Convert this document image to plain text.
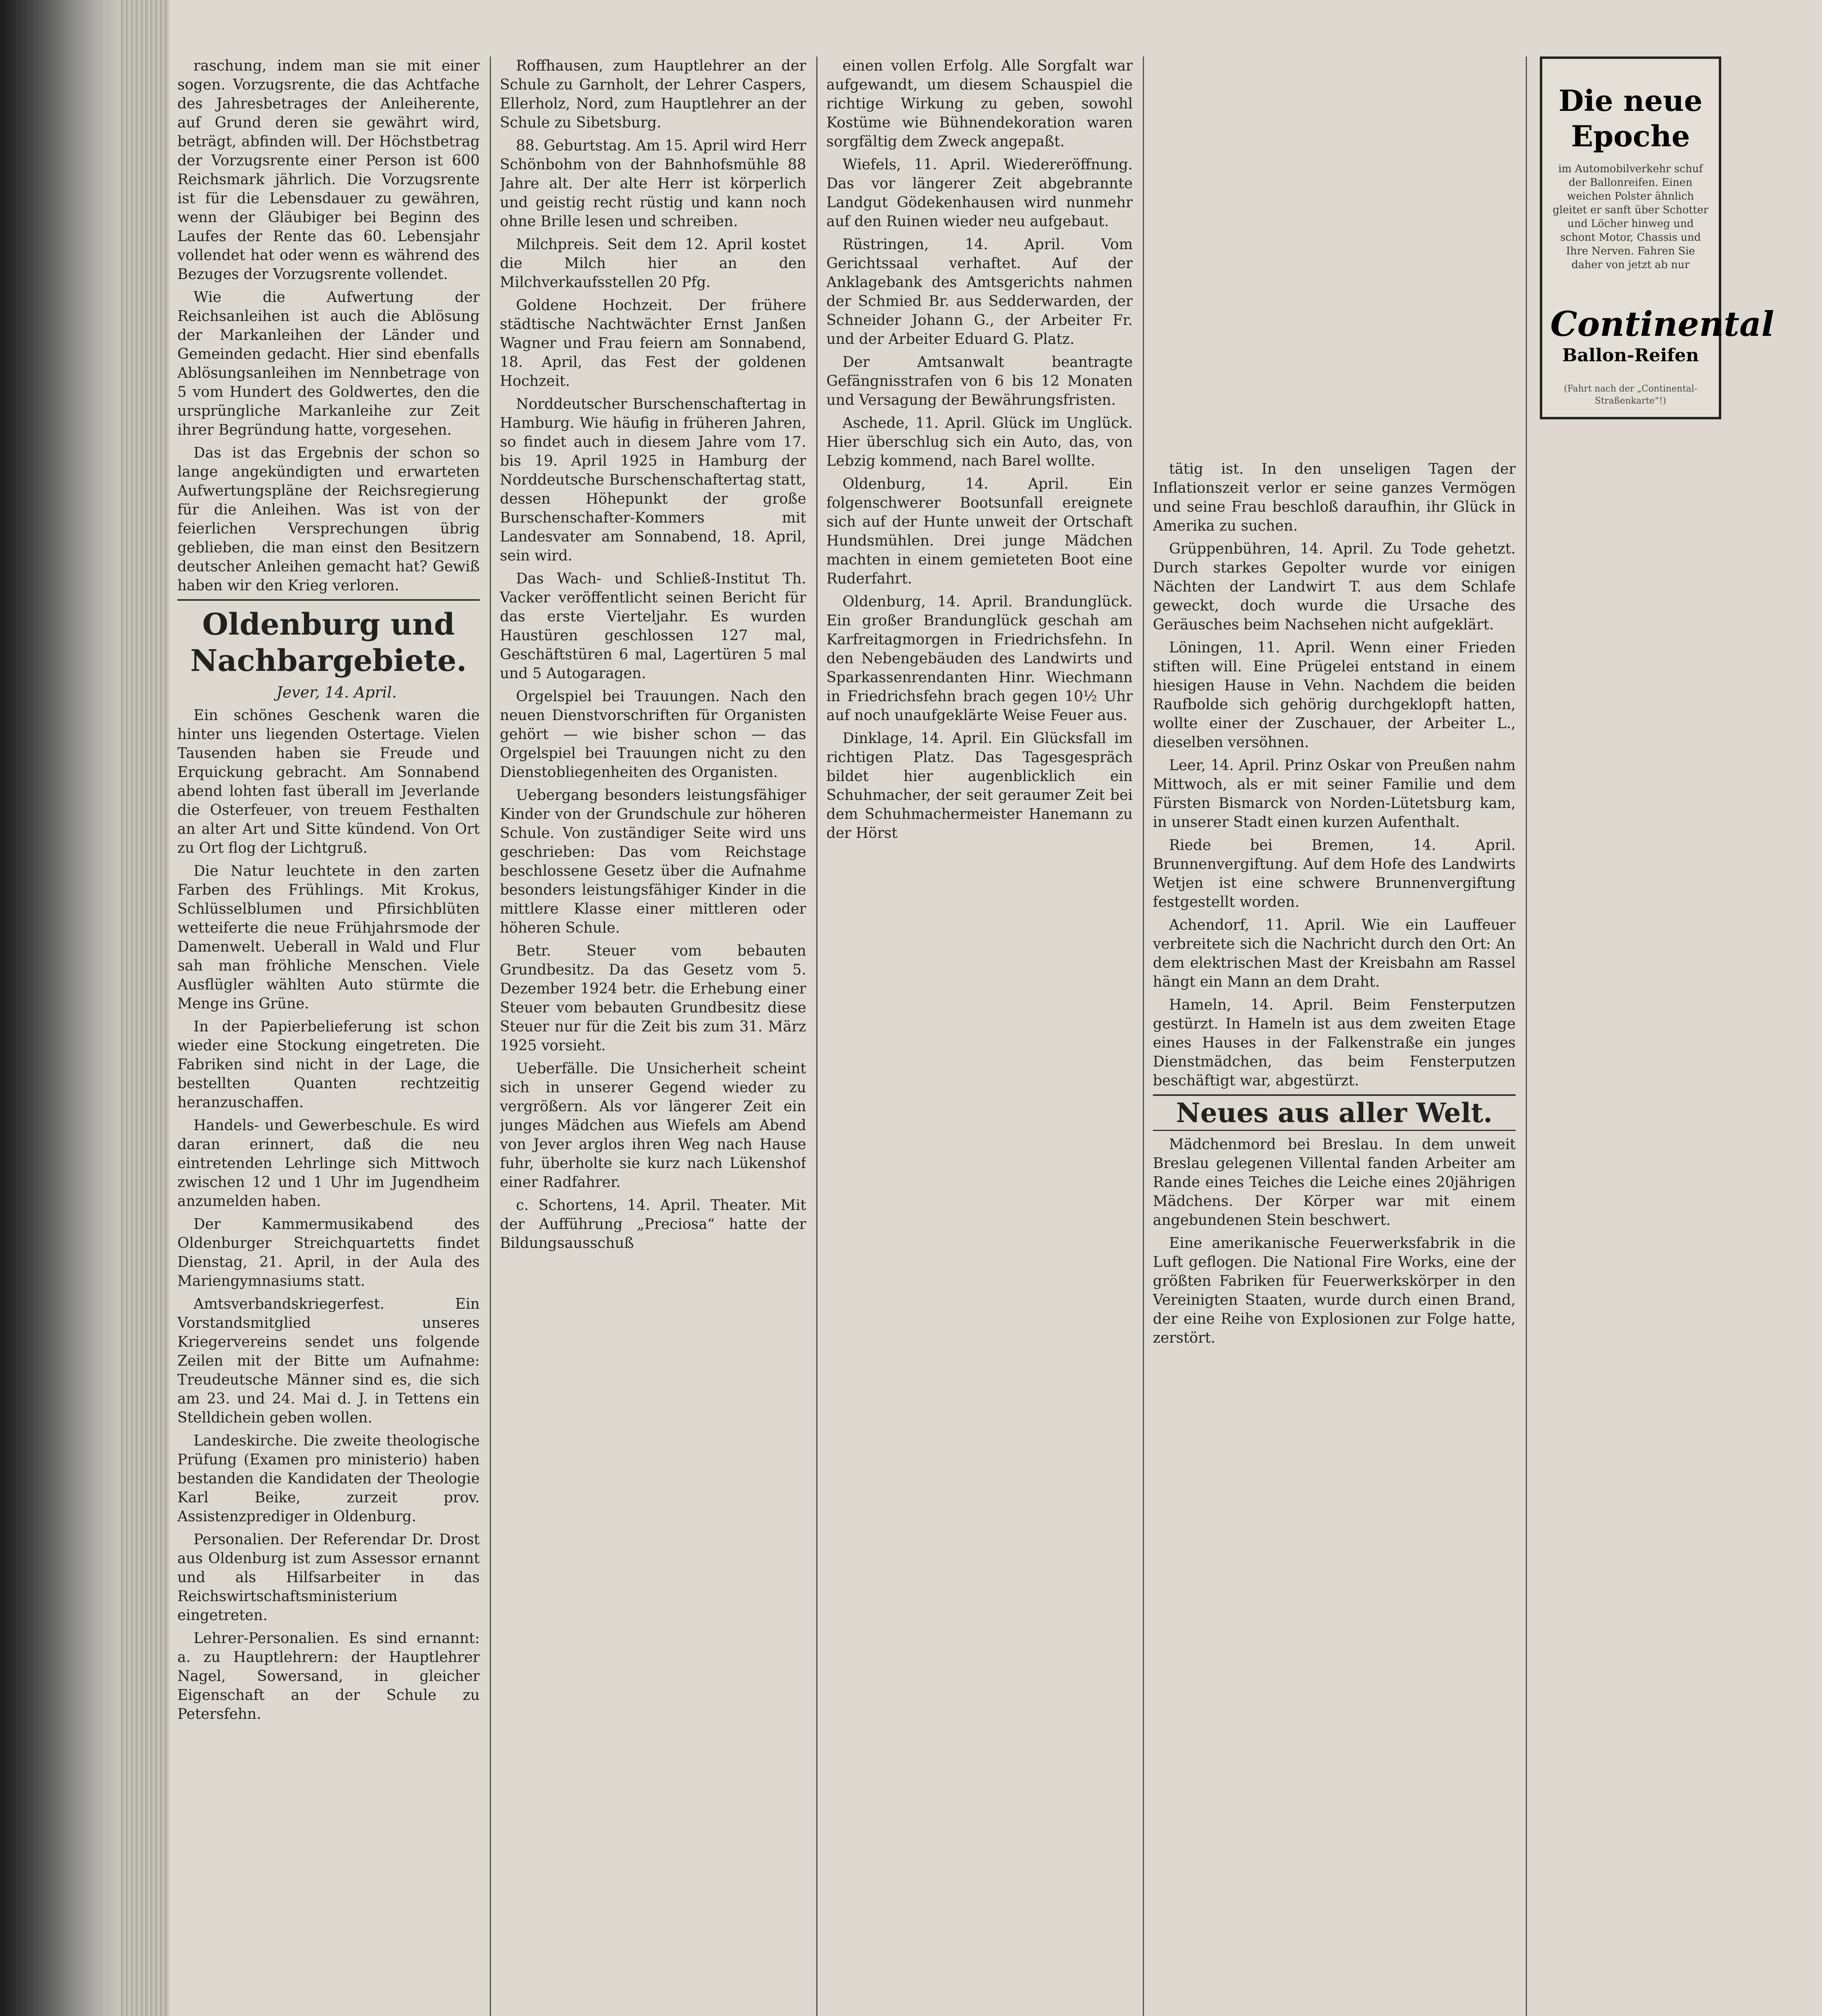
raschung, indem man sie mit einer sogen. Vorzugsrente, die das Achtfache des Jahresbetrages der Anleiherente, auf Grund deren sie gewährt wird, beträgt, abfinden will. Der Höchstbetrag der Vorzugsrente einer Person ist 600 Reichsmark jährlich. Die Vorzugsrente ist für die Lebensdauer zu gewähren, wenn der Gläubiger bei Beginn des Laufes der Rente das 60. Lebensjahr vollendet hat oder wenn es während des Bezuges der Vorzugsrente vollendet.

Wie die Aufwertung der Reichsanleihen ist auch die Ablösung der Markanleihen der Länder und Gemeinden gedacht. Hier sind ebenfalls Ablösungsanleihen im Nennbetrage von 5 vom Hundert des Goldwertes, den die ursprüngliche Markanleihe zur Zeit ihrer Begründung hatte, vorgesehen.

Das ist das Ergebnis der schon so lange angekündigten und erwarteten Aufwertungspläne der Reichsregierung für die Anleihen. Was ist von der feierlichen Versprechungen übrig geblieben, die man einst den Besitzern deutscher Anleihen gemacht hat? Gewiß haben wir den Krieg verloren.

Oldenburg und Nachbargebiete.

Jever, 14. April.

Ein schönes Geschenk waren die hinter uns liegenden Ostertage. Vielen Tausenden haben sie Freude und Erquickung gebracht. Am Sonnabend abend lohten fast überall im Jeverlande die Osterfeuer, von treuem Festhalten an alter Art und Sitte kündend. Von Ort zu Ort flog der Lichtgruß.

Die Natur leuchtete in den zarten Farben des Frühlings. Mit Krokus, Schlüsselblumen und Pfirsichblüten wetteiferte die neue Frühjahrsmode der Damenwelt. Ueberall in Wald und Flur sah man fröhliche Menschen. Viele Ausflügler wählten Auto stürmte die Menge ins Grüne.

In der Papierbelieferung ist schon wieder eine Stockung eingetreten. Die Fabriken sind nicht in der Lage, die bestellten Quanten rechtzeitig heranzuschaffen.

Handels- und Gewerbeschule. Es wird daran erinnert, daß die neu eintretenden Lehrlinge sich Mittwoch zwischen 12 und 1 Uhr im Jugendheim anzumelden haben.

Der Kammermusikabend des Oldenburger Streichquartetts findet Dienstag, 21. April, in der Aula des Mariengymnasiums statt.

Amtsverbandskriegerfest. Ein Vorstandsmitglied unseres Kriegervereins sendet uns folgende Zeilen mit der Bitte um Aufnahme: Treudeutsche Männer sind es, die sich am 23. und 24. Mai d. J. in Tettens ein Stelldichein geben wollen.

Landeskirche. Die zweite theologische Prüfung (Examen pro ministerio) haben bestanden die Kandidaten der Theologie Karl Beike, zurzeit prov. Assistenzprediger in Oldenburg.

Personalien. Der Referendar Dr. Drost aus Oldenburg ist zum Assessor ernannt und als Hilfsarbeiter in das Reichswirtschaftsministerium eingetreten.

Lehrer-Personalien. Es sind ernannt: a. zu Hauptlehrern: der Hauptlehrer Nagel, Sowersand, in gleicher Eigenschaft an der Schule zu Petersfehn.

Roffhausen, zum Hauptlehrer an der Schule zu Garnholt, der Lehrer Caspers, Ellerholz, Nord, zum Hauptlehrer an der Schule zu Sibetsburg.

88. Geburtstag. Am 15. April wird Herr Schönbohm von der Bahnhofsmühle 88 Jahre alt. Der alte Herr ist körperlich und geistig recht rüstig und kann noch ohne Brille lesen und schreiben.

Milchpreis. Seit dem 12. April kostet die Milch hier an den Milchverkaufsstellen 20 Pfg.

Goldene Hochzeit. Der frühere städtische Nachtwächter Ernst Janßen Wagner und Frau feiern am Sonnabend, 18. April, das Fest der goldenen Hochzeit.

Norddeutscher Burschenschaftertag in Hamburg. Wie häufig in früheren Jahren, so findet auch in diesem Jahre vom 17. bis 19. April 1925 in Hamburg der Norddeutsche Burschenschaftertag statt, dessen Höhepunkt der große Burschenschafter-Kommers mit Landesvater am Sonnabend, 18. April, sein wird.

Das Wach- und Schließ-Institut Th. Vacker veröffentlicht seinen Bericht für das erste Vierteljahr. Es wurden Haustüren geschlossen 127 mal, Geschäftstüren 6 mal, Lagertüren 5 mal und 5 Autogaragen.

Orgelspiel bei Trauungen. Nach den neuen Dienstvorschriften für Organisten gehört — wie bisher schon — das Orgelspiel bei Trauungen nicht zu den Dienstobliegenheiten des Organisten.

Uebergang besonders leistungsfähiger Kinder von der Grundschule zur höheren Schule. Von zuständiger Seite wird uns geschrieben: Das vom Reichstage beschlossene Gesetz über die Aufnahme besonders leistungsfähiger Kinder in die mittlere Klasse einer mittleren oder höheren Schule.

Betr. Steuer vom bebauten Grundbesitz. Da das Gesetz vom 5. Dezember 1924 betr. die Erhebung einer Steuer vom bebauten Grundbesitz diese Steuer nur für die Zeit bis zum 31. März 1925 vorsieht.

Ueberfälle. Die Unsicherheit scheint sich in unserer Gegend wieder zu vergrößern. Als vor längerer Zeit ein junges Mädchen aus Wiefels am Abend von Jever arglos ihren Weg nach Hause fuhr, überholte sie kurz nach Lükenshof einer Radfahrer.

c. Schortens, 14. April. Theater. Mit der Aufführung „Preciosa“ hatte der Bildungsausschuß

einen vollen Erfolg. Alle Sorgfalt war aufgewandt, um diesem Schauspiel die richtige Wirkung zu geben, sowohl Kostüme wie Bühnendekoration waren sorgfältig dem Zweck angepaßt.

Wiefels, 11. April. Wiedereröffnung. Das vor längerer Zeit abgebrannte Landgut Gödekenhausen wird nunmehr auf den Ruinen wieder neu aufgebaut.

Rüstringen, 14. April. Vom Gerichtssaal verhaftet. Auf der Anklagebank des Amtsgerichts nahmen der Schmied Br. aus Sedderwarden, der Schneider Johann G., der Arbeiter Fr. und der Arbeiter Eduard G. Platz.

Der Amtsanwalt beantragte Gefängnisstrafen von 6 bis 12 Monaten und Versagung der Bewährungsfristen.

Aschede, 11. April. Glück im Unglück. Hier überschlug sich ein Auto, das, von Lebzig kommend, nach Barel wollte.

Oldenburg, 14. April. Ein folgenschwerer Bootsunfall ereignete sich auf der Hunte unweit der Ortschaft Hundsmühlen. Drei junge Mädchen machten in einem gemieteten Boot eine Ruderfahrt.

Oldenburg, 14. April. Brandunglück. Ein großer Brandunglück geschah am Karfreitagmorgen in Friedrichsfehn. In den Nebengebäuden des Landwirts und Sparkassenrendanten Hinr. Wiechmann in Friedrichsfehn brach gegen 10½ Uhr auf noch unaufgeklärte Weise Feuer aus.

Dinklage, 14. April. Ein Glücksfall im richtigen Platz. Das Tagesgespräch bildet hier augenblicklich ein Schuhmacher, der seit geraumer Zeit bei dem Schuhmachermeister Hanemann zu der Hörst

tätig ist. In den unseligen Tagen der Inflationszeit verlor er seine ganzes Vermögen und seine Frau beschloß daraufhin, ihr Glück in Amerika zu suchen.

Grüppenbühren, 14. April. Zu Tode gehetzt. Durch starkes Gepolter wurde vor einigen Nächten der Landwirt T. aus dem Schlafe geweckt, doch wurde die Ursache des Geräusches beim Nachsehen nicht aufgeklärt.

Löningen, 11. April. Wenn einer Frieden stiften will. Eine Prügelei entstand in einem hiesigen Hause in Vehn. Nachdem die beiden Raufbolde sich gehörig durchgeklopft hatten, wollte einer der Zuschauer, der Arbeiter L., dieselben versöhnen.

Leer, 14. April. Prinz Oskar von Preußen nahm Mittwoch, als er mit seiner Familie und dem Fürsten Bismarck von Norden-Lütetsburg kam, in unserer Stadt einen kurzen Aufenthalt.

Riede bei Bremen, 14. April. Brunnenvergiftung. Auf dem Hofe des Landwirts Wetjen ist eine schwere Brunnenvergiftung festgestellt worden.

Achendorf, 11. April. Wie ein Lauffeuer verbreitete sich die Nachricht durch den Ort: An dem elektrischen Mast der Kreisbahn am Rassel hängt ein Mann an dem Draht.

Hameln, 14. April. Beim Fensterputzen gestürzt. In Hameln ist aus dem zweiten Etage eines Hauses in der Falkenstraße ein junges Dienstmädchen, das beim Fensterputzen beschäftigt war, abgestürzt.

Neues aus aller Welt.

Mädchenmord bei Breslau. In dem unweit Breslau gelegenen Villental fanden Arbeiter am Rande eines Teiches die Leiche eines 20jährigen Mädchens. Der Körper war mit einem angebundenen Stein beschwert.

Eine amerikanische Feuerwerksfabrik in die Luft geflogen. Die National Fire Works, eine der größten Fabriken für Feuerwerkskörper in den Vereinigten Staaten, wurde durch einen Brand, der eine Reihe von Explosionen zur Folge hatte, zerstört.

Die neue Epoche
im Automobilverkehr schuf der Ballonreifen. Einen weichen Polster ähnlich gleitet er sanft über Schotter und Löcher hinweg und schont Motor, Chassis und Ihre Nerven. Fahren Sie daher von jetzt ab nur
Continental
Ballon-Reifen
(Fahrt nach der „Continental-Straßenkarte“!)
